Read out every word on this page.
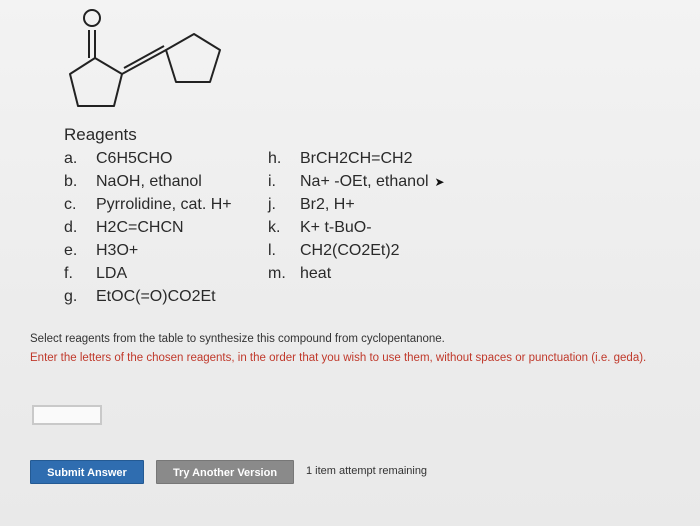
Reagents
a. C6H5CHO
b. NaOH, ethanol
c. Pyrrolidine, cat. H+
d. H2C=CHCN
e. H3O+
f. LDA
g. EtOC(=O)CO2Et
h. BrCH2CH=CH2
i. Na+ -OEt, ethanol ➤
j. Br2, H+
k. K+ t-BuO-
l. CH2(CO2Et)2
m. heat
Select reagents from the table to synthesize this compound from cyclopentanone.
Enter the letters of the chosen reagents, in the order that you wish to use them, without spaces or punctuation (i.e. geda).
Submit Answer	Try Another Version	1 item attempt remaining
